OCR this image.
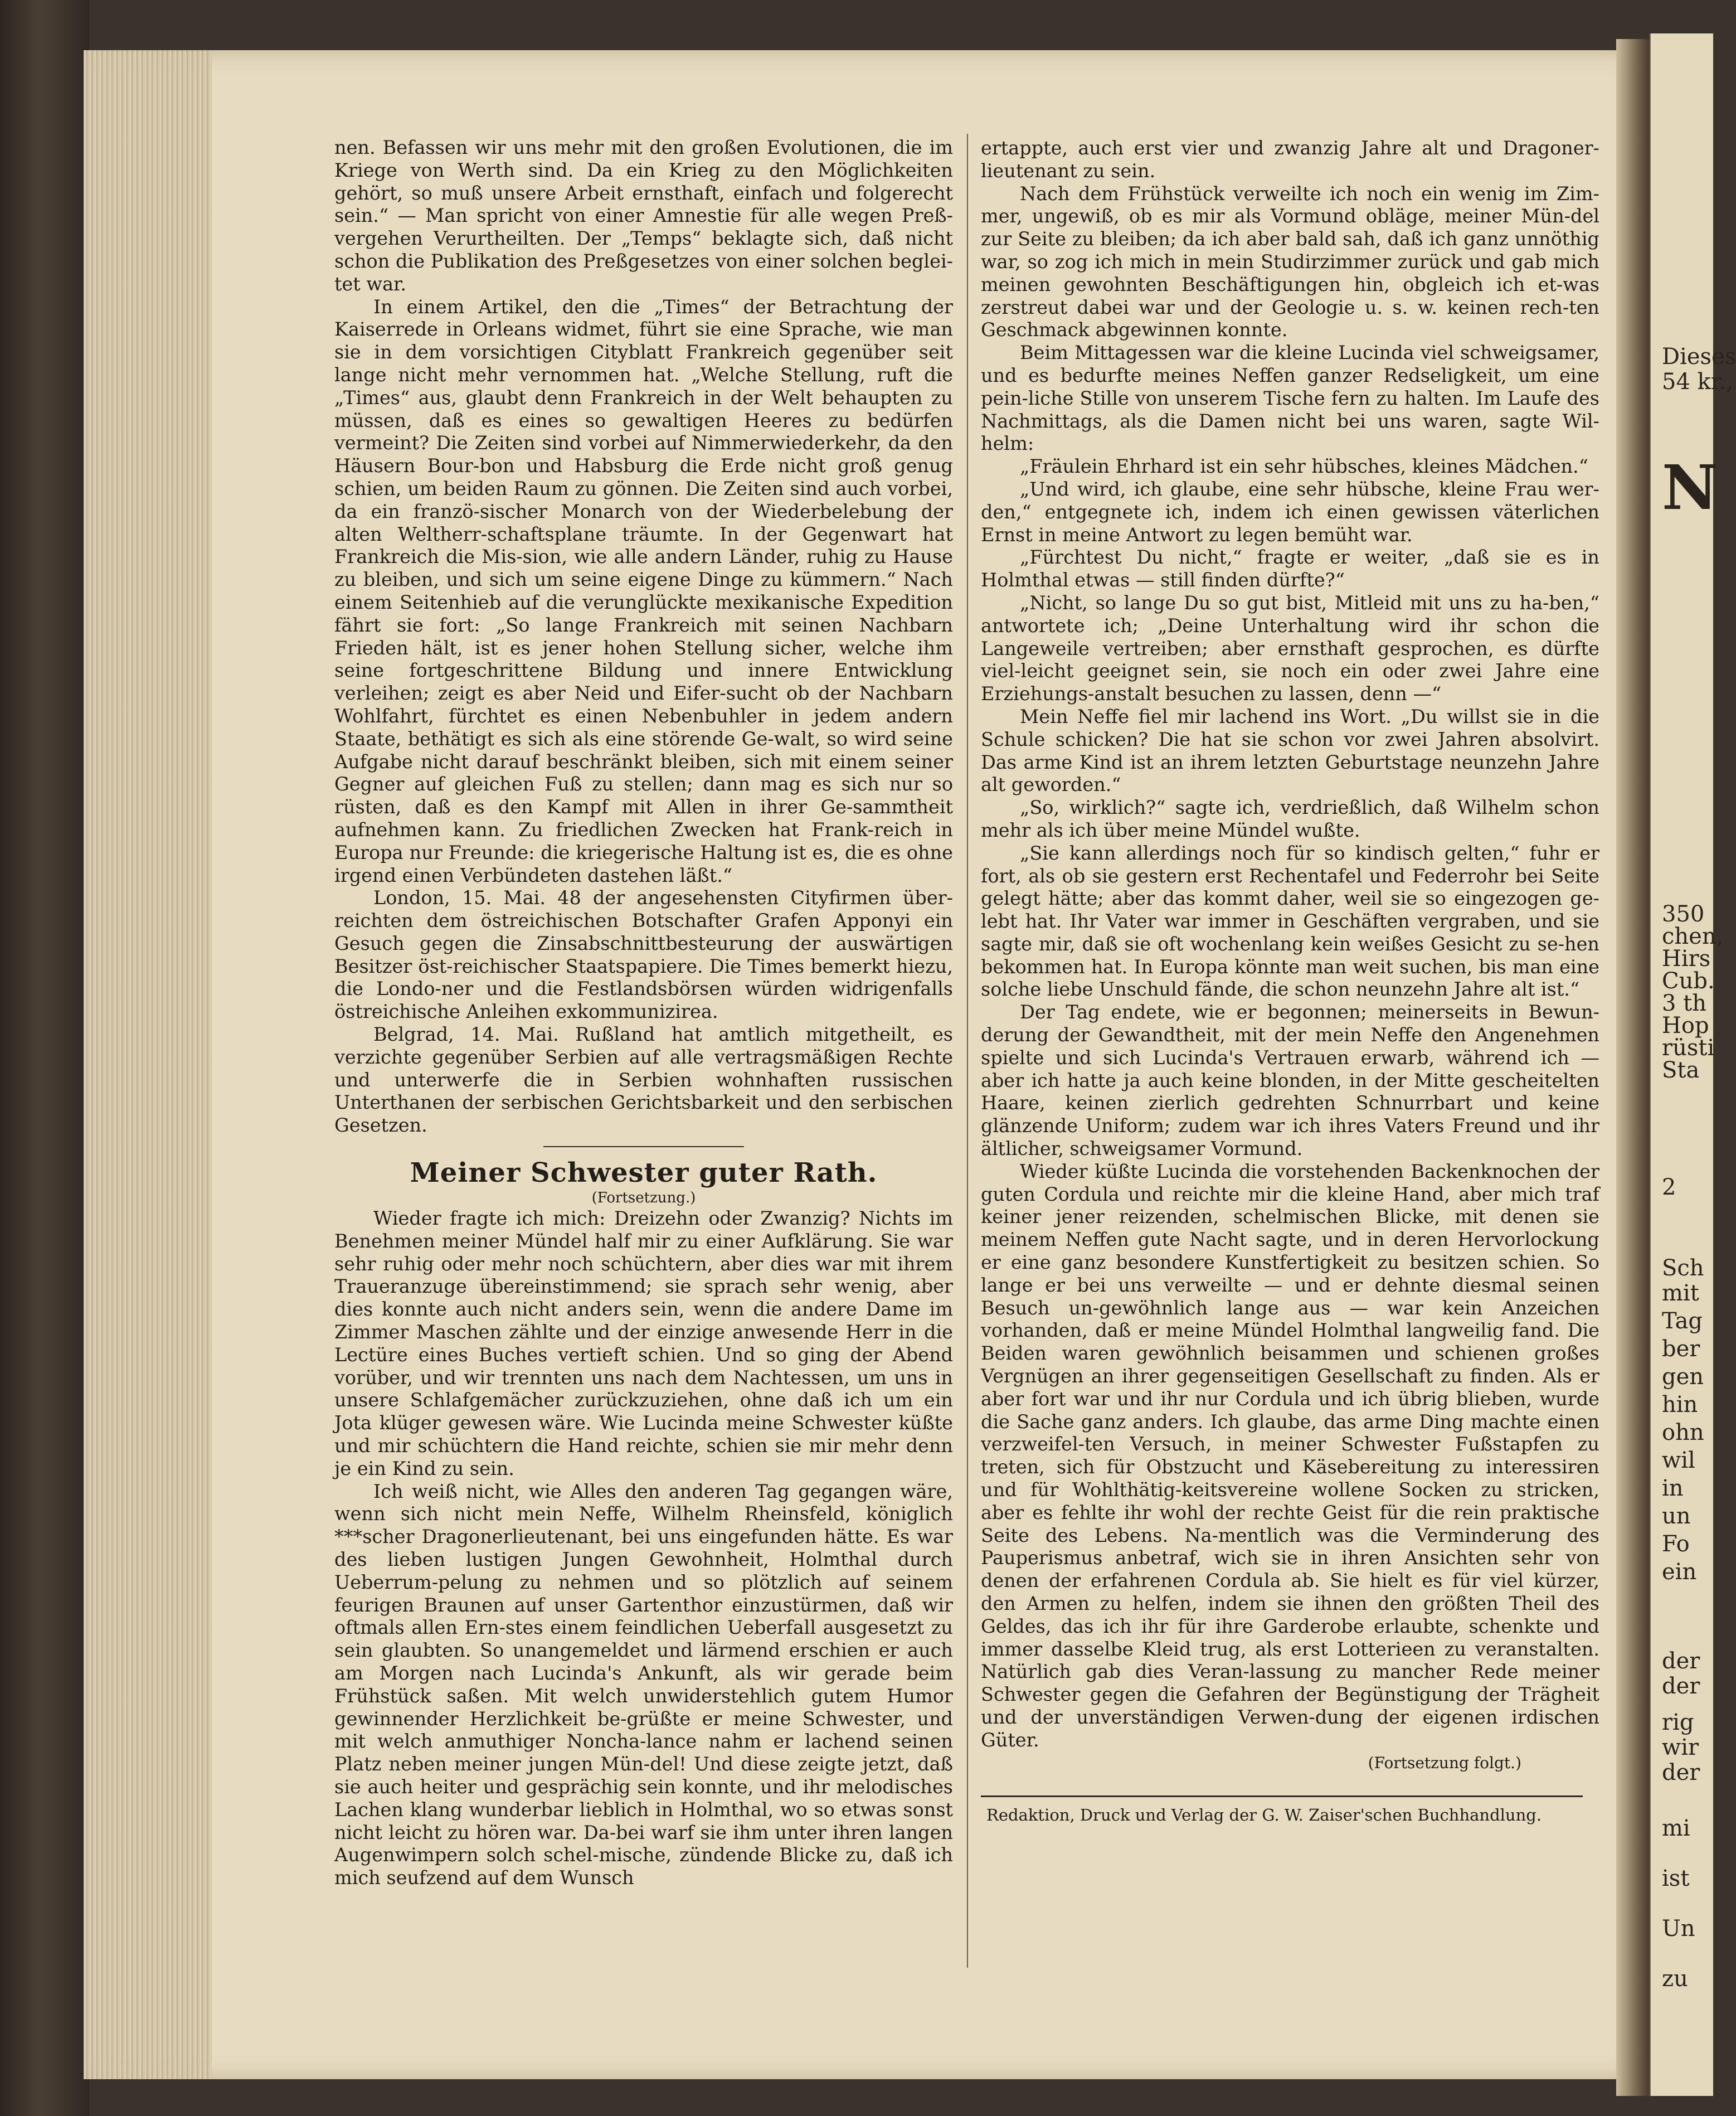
nen. Befassen wir uns mehr mit den großen Evolutionen, die im Kriege von Werth sind. Da ein Krieg zu den Möglichkeiten gehört, so muß unsere Arbeit ernsthaft, einfach und folgerecht sein.“ — Man spricht von einer Amnestie für alle wegen Preß-vergehen Verurtheilten. Der „Temps“ beklagte sich, daß nicht schon die Publikation des Preßgesetzes von einer solchen beglei-tet war.

In einem Artikel, den die „Times“ der Betrachtung der Kaiserrede in Orleans widmet, führt sie eine Sprache, wie man sie in dem vorsichtigen Cityblatt Frankreich gegenüber seit lange nicht mehr vernommen hat. „Welche Stellung, ruft die „Times“ aus, glaubt denn Frankreich in der Welt behaupten zu müssen, daß es eines so gewaltigen Heeres zu bedürfen vermeint? Die Zeiten sind vorbei auf Nimmerwiederkehr, da den Häusern Bour-bon und Habsburg die Erde nicht groß genug schien, um beiden Raum zu gönnen. Die Zeiten sind auch vorbei, da ein franzö-sischer Monarch von der Wiederbelebung der alten Weltherr-schaftsplane träumte. In der Gegenwart hat Frankreich die Mis-sion, wie alle andern Länder, ruhig zu Hause zu bleiben, und sich um seine eigene Dinge zu kümmern.“ Nach einem Seitenhieb auf die verunglückte mexikanische Expedition fährt sie fort: „So lange Frankreich mit seinen Nachbarn Frieden hält, ist es jener hohen Stellung sicher, welche ihm seine fortgeschrittene Bildung und innere Entwicklung verleihen; zeigt es aber Neid und Eifer-sucht ob der Nachbarn Wohlfahrt, fürchtet es einen Nebenbuhler in jedem andern Staate, bethätigt es sich als eine störende Ge-walt, so wird seine Aufgabe nicht darauf beschränkt bleiben, sich mit einem seiner Gegner auf gleichen Fuß zu stellen; dann mag es sich nur so rüsten, daß es den Kampf mit Allen in ihrer Ge-sammtheit aufnehmen kann. Zu friedlichen Zwecken hat Frank-reich in Europa nur Freunde: die kriegerische Haltung ist es, die es ohne irgend einen Verbündeten dastehen läßt.“

London, 15. Mai. 48 der angesehensten Cityfirmen über-reichten dem östreichischen Botschafter Grafen Apponyi ein Gesuch gegen die Zinsabschnittbesteurung der auswärtigen Besitzer öst-reichischer Staatspapiere. Die Times bemerkt hiezu, die Londo-ner und die Festlandsbörsen würden widrigenfalls östreichische Anleihen exkommunizirea.

Belgrad, 14. Mai. Rußland hat amtlich mitgetheilt, es verzichte gegenüber Serbien auf alle vertragsmäßigen Rechte und unterwerfe die in Serbien wohnhaften russischen Unterthanen der serbischen Gerichtsbarkeit und den serbischen Gesetzen.

Meiner Schwester guter Rath.
(Fortsetzung.)

Wieder fragte ich mich: Dreizehn oder Zwanzig? Nichts im Benehmen meiner Mündel half mir zu einer Aufklärung. Sie war sehr ruhig oder mehr noch schüchtern, aber dies war mit ihrem Traueranzuge übereinstimmend; sie sprach sehr wenig, aber dies konnte auch nicht anders sein, wenn die andere Dame im Zimmer Maschen zählte und der einzige anwesende Herr in die Lectüre eines Buches vertieft schien. Und so ging der Abend vorüber, und wir trennten uns nach dem Nachtessen, um uns in unsere Schlafgemächer zurückzuziehen, ohne daß ich um ein Jota klüger gewesen wäre. Wie Lucinda meine Schwester küßte und mir schüchtern die Hand reichte, schien sie mir mehr denn je ein Kind zu sein.

Ich weiß nicht, wie Alles den anderen Tag gegangen wäre, wenn sich nicht mein Neffe, Wilhelm Rheinsfeld, königlich ***scher Dragonerlieutenant, bei uns eingefunden hätte. Es war des lieben lustigen Jungen Gewohnheit, Holmthal durch Ueberrum-pelung zu nehmen und so plötzlich auf seinem feurigen Braunen auf unser Gartenthor einzustürmen, daß wir oftmals allen Ern-stes einem feindlichen Ueberfall ausgesetzt zu sein glaubten. So unangemeldet und lärmend erschien er auch am Morgen nach Lucinda's Ankunft, als wir gerade beim Frühstück saßen. Mit welch unwiderstehlich gutem Humor gewinnender Herzlichkeit be-grüßte er meine Schwester, und mit welch anmuthiger Noncha-lance nahm er lachend seinen Platz neben meiner jungen Mün-del! Und diese zeigte jetzt, daß sie auch heiter und gesprächig sein konnte, und ihr melodisches Lachen klang wunderbar lieblich in Holmthal, wo so etwas sonst nicht leicht zu hören war. Da-bei warf sie ihm unter ihren langen Augenwimpern solch schel-mische, zündende Blicke zu, daß ich mich seufzend auf dem Wunsch

ertappte, auch erst vier und zwanzig Jahre alt und Dragoner-lieutenant zu sein.

Nach dem Frühstück verweilte ich noch ein wenig im Zim-mer, ungewiß, ob es mir als Vormund obläge, meiner Mün-del zur Seite zu bleiben; da ich aber bald sah, daß ich ganz unnöthig war, so zog ich mich in mein Studirzimmer zurück und gab mich meinen gewohnten Beschäftigungen hin, obgleich ich et-was zerstreut dabei war und der Geologie u. s. w. keinen rech-ten Geschmack abgewinnen konnte.

Beim Mittagessen war die kleine Lucinda viel schweigsamer, und es bedurfte meines Neffen ganzer Redseligkeit, um eine pein-liche Stille von unserem Tische fern zu halten. Im Laufe des Nachmittags, als die Damen nicht bei uns waren, sagte Wil-helm:

„Fräulein Ehrhard ist ein sehr hübsches, kleines Mädchen.“

„Und wird, ich glaube, eine sehr hübsche, kleine Frau wer-den,“ entgegnete ich, indem ich einen gewissen väterlichen Ernst in meine Antwort zu legen bemüht war.

„Fürchtest Du nicht,“ fragte er weiter, „daß sie es in Holmthal etwas — still finden dürfte?“

„Nicht, so lange Du so gut bist, Mitleid mit uns zu ha-ben,“ antwortete ich; „Deine Unterhaltung wird ihr schon die Langeweile vertreiben; aber ernsthaft gesprochen, es dürfte viel-leicht geeignet sein, sie noch ein oder zwei Jahre eine Erziehungs-anstalt besuchen zu lassen, denn —“

Mein Neffe fiel mir lachend ins Wort. „Du willst sie in die Schule schicken? Die hat sie schon vor zwei Jahren absolvirt. Das arme Kind ist an ihrem letzten Geburtstage neunzehn Jahre alt geworden.“

„So, wirklich?“ sagte ich, verdrießlich, daß Wilhelm schon mehr als ich über meine Mündel wußte.

„Sie kann allerdings noch für so kindisch gelten,“ fuhr er fort, als ob sie gestern erst Rechentafel und Federrohr bei Seite gelegt hätte; aber das kommt daher, weil sie so eingezogen ge-lebt hat. Ihr Vater war immer in Geschäften vergraben, und sie sagte mir, daß sie oft wochenlang kein weißes Gesicht zu se-hen bekommen hat. In Europa könnte man weit suchen, bis man eine solche liebe Unschuld fände, die schon neunzehn Jahre alt ist.“

Der Tag endete, wie er begonnen; meinerseits in Bewun-derung der Gewandtheit, mit der mein Neffe den Angenehmen spielte und sich Lucinda's Vertrauen erwarb, während ich — aber ich hatte ja auch keine blonden, in der Mitte gescheitelten Haare, keinen zierlich gedrehten Schnurrbart und keine glänzende Uniform; zudem war ich ihres Vaters Freund und ihr ältlicher, schweigsamer Vormund.

Wieder küßte Lucinda die vorstehenden Backenknochen der guten Cordula und reichte mir die kleine Hand, aber mich traf keiner jener reizenden, schelmischen Blicke, mit denen sie meinem Neffen gute Nacht sagte, und in deren Hervorlockung er eine ganz besondere Kunstfertigkeit zu besitzen schien. So lange er bei uns verweilte — und er dehnte diesmal seinen Besuch un-gewöhnlich lange aus — war kein Anzeichen vorhanden, daß er meine Mündel Holmthal langweilig fand. Die Beiden waren gewöhnlich beisammen und schienen großes Vergnügen an ihrer gegenseitigen Gesellschaft zu finden. Als er aber fort war und ihr nur Cordula und ich übrig blieben, wurde die Sache ganz anders. Ich glaube, das arme Ding machte einen verzweifel-ten Versuch, in meiner Schwester Fußstapfen zu treten, sich für Obstzucht und Käsebereitung zu interessiren und für Wohlthätig-keitsvereine wollene Socken zu stricken, aber es fehlte ihr wohl der rechte Geist für die rein praktische Seite des Lebens. Na-mentlich was die Verminderung des Pauperismus anbetraf, wich sie in ihren Ansichten sehr von denen der erfahrenen Cordula ab. Sie hielt es für viel kürzer, den Armen zu helfen, indem sie ihnen den größten Theil des Geldes, das ich ihr für ihre Garderobe erlaubte, schenkte und immer dasselbe Kleid trug, als erst Lotterieen zu veranstalten. Natürlich gab dies Veran-lassung zu mancher Rede meiner Schwester gegen die Gefahren der Begünstigung der Trägheit und der unverständigen Verwen-dung der eigenen irdischen Güter.

(Fortsetzung folgt.)
Redaktion, Druck und Verlag der G. W. Zaiser'schen Buchhandlung.
Dieses
54 kr.,
N
350
chen,
Hirs
Cub.
3 th
Hop
rüsti
Sta
2
Sch
mit
Tag
ber
gen
hin
ohn
wil
in
un
Fo
ein
der
der
rig
wir
der
mi
ist
Un
zu
